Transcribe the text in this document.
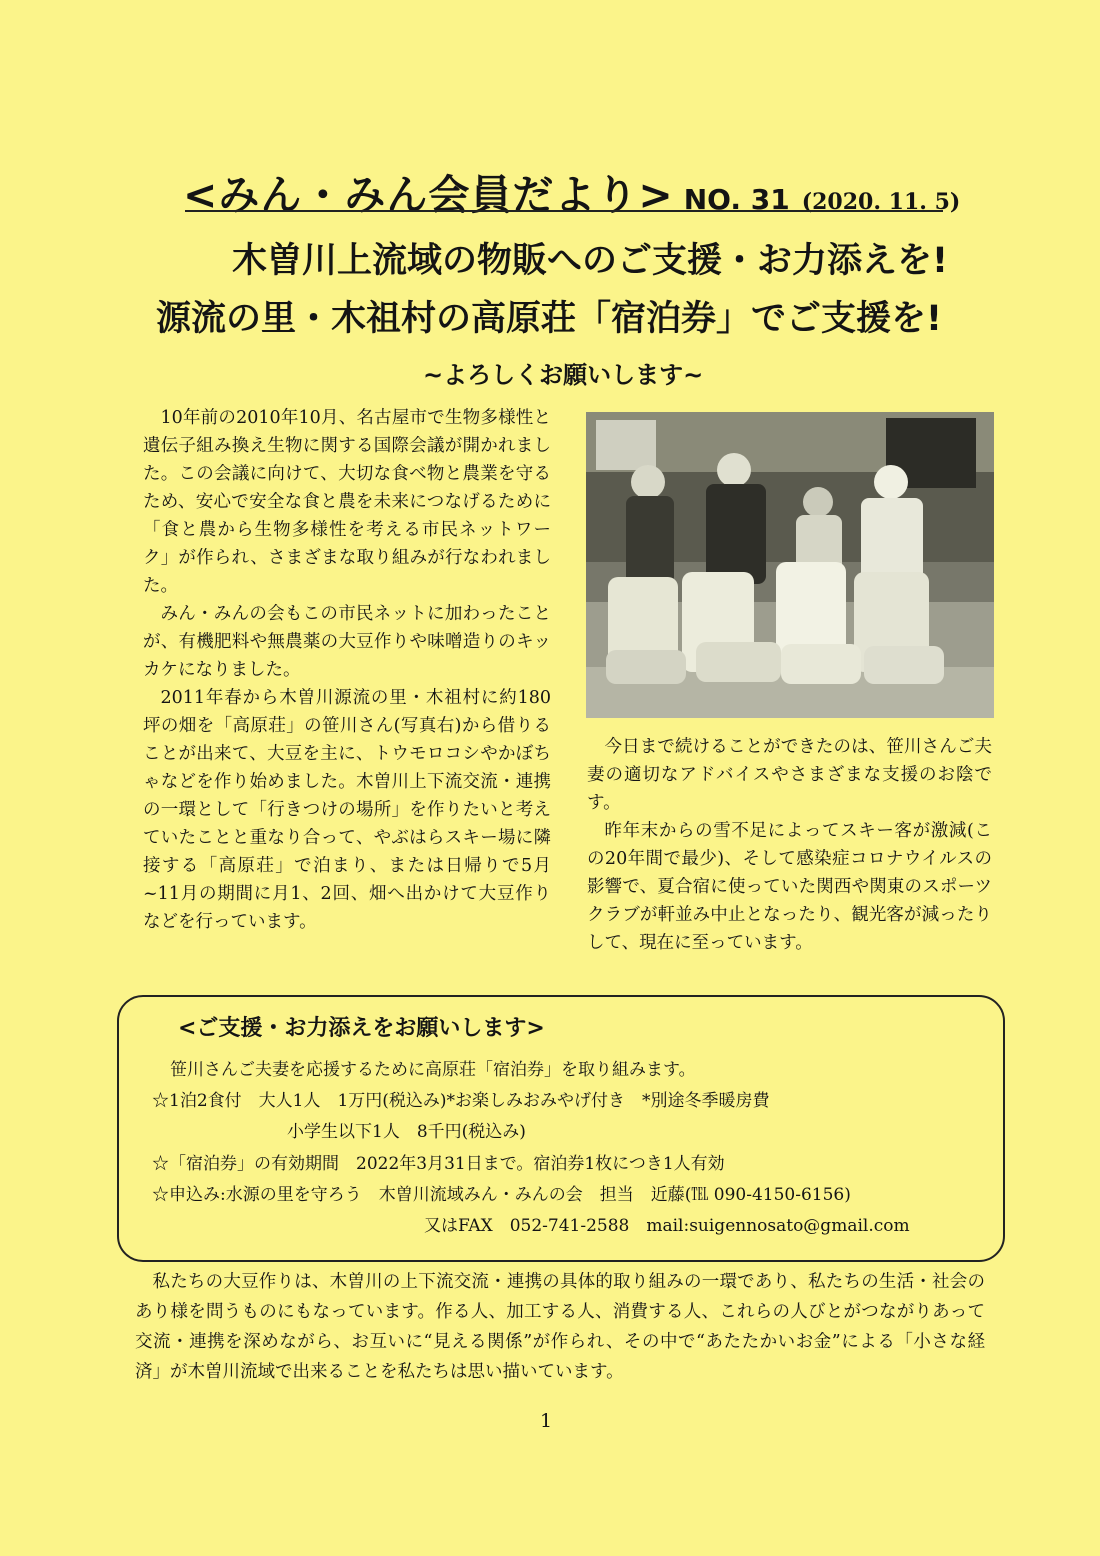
<みん・みん会員だより> NO. 31 (2020. 11. 5)
木曽川上流域の物販へのご支援・お力添えを!
源流の里・木祖村の高原荘「宿泊券」でご支援を!
~よろしくお願いします~

10年前の2010年10月、名古屋市で生物多様性と遺伝子組み換え生物に関する国際会議が開かれました。この会議に向けて、大切な食べ物と農業を守るため、安心で安全な食と農を未来につなげるために「食と農から生物多様性を考える市民ネットワーク」が作られ、さまざまな取り組みが行なわれました。

みん・みんの会もこの市民ネットに加わったことが、有機肥料や無農薬の大豆作りや味噌造りのキッカケになりました。

2011年春から木曽川源流の里・木祖村に約180坪の畑を「高原荘」の笹川さん(写真右)から借りることが出来て、大豆を主に、トウモロコシやかぼちゃなどを作り始めました。木曽川上下流交流・連携の一環として「行きつけの場所」を作りたいと考えていたことと重なり合って、やぶはらスキー場に隣接する「高原荘」で泊まり、または日帰りで5月~11月の期間に月1、2回、畑へ出かけて大豆作りなどを行っています。

今日まで続けることができたのは、笹川さんご夫妻の適切なアドバイスやさまざまな支援のお陰です。

昨年末からの雪不足によってスキー客が激減(この20年間で最少)、そして感染症コロナウイルスの影響で、夏合宿に使っていた関西や関東のスポーツクラブが軒並み中止となったり、観光客が減ったりして、現在に至っています。

<ご支援・お力添えをお願いします>
笹川さんご夫妻を応援するために高原荘「宿泊券」を取り組みます。
☆1泊2食付　大人1人　1万円(税込み)*お楽しみおみやげ付き　*別途冬季暖房費
小学生以下1人　8千円(税込み)
☆「宿泊券」の有効期間　2022年3月31日まで。宿泊券1枚につき1人有効
☆申込み:水源の里を守ろう　木曽川流域みん・みんの会　担当　近藤(℡ 090-4150-6156)
又はFAX　052-741-2588　mail:suigennosato@gmail.com

私たちの大豆作りは、木曽川の上下流交流・連携の具体的取り組みの一環であり、私たちの生活・社会のあり様を問うものにもなっています。作る人、加工する人、消費する人、これらの人びとがつながりあって交流・連携を深めながら、お互いに“見える関係”が作られ、その中で“あたたかいお金”による「小さな経済」が木曽川流域で出来ることを私たちは思い描いています。

1
